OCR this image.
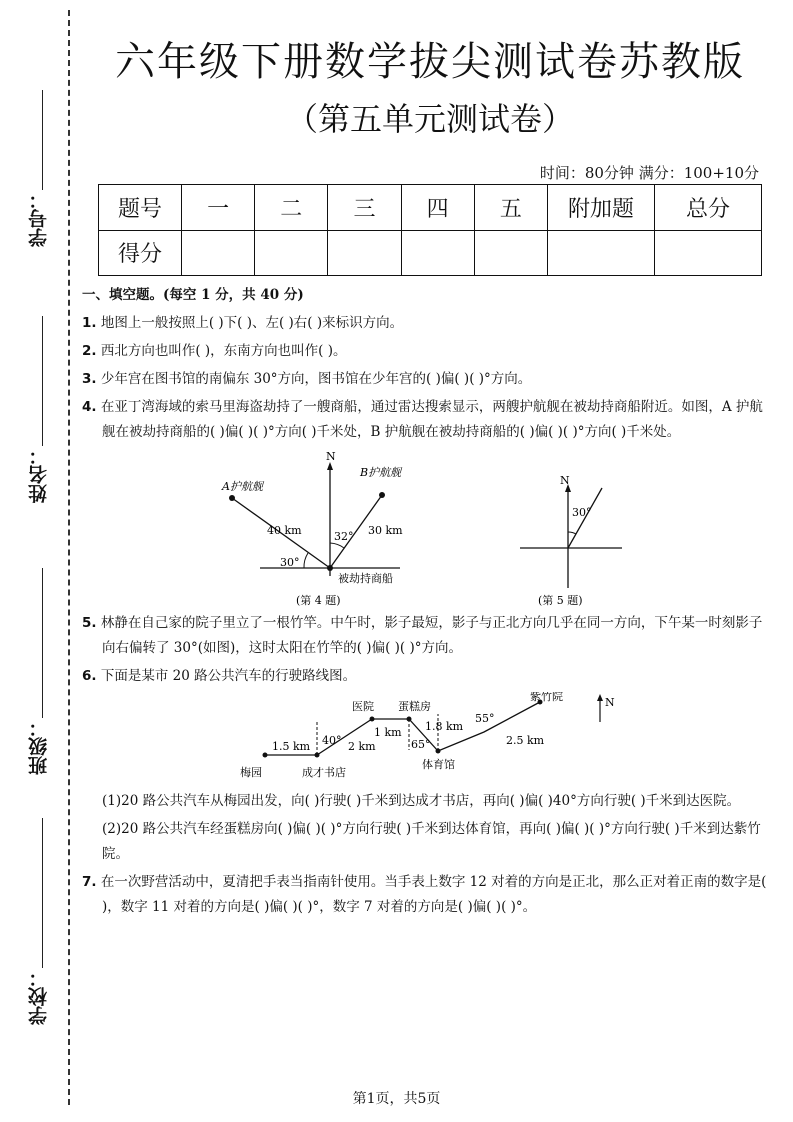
学号：
姓名：
班级：
学校：
六年级下册数学拔尖测试卷苏教版
（第五单元测试卷）
时间：80分钟 满分：100+10分
题号	一	二	三	四	五	附加题	总分
得分							
一、填空题。(每空 1 分，共 40 分)
1. 地图上一般按照上( )下( )、左( )右( )来标识方向。
2. 西北方向也叫作( )，东南方向也叫作( )。
3. 少年宫在图书馆的南偏东 30°方向，图书馆在少年宫的( )偏( )( )°方向。
4. 在亚丁湾海域的索马里海盗劫持了一艘商船，通过雷达搜索显示，两艘护航舰在被劫持商船附近。如图，A 护航舰在被劫持商船的( )偏( )( )°方向( )千米处，B 护航舰在被劫持商船的( )偏( )( )°方向( )千米处。
N
A护航舰
B护航舰
40 km	30 km
32°
30°
被劫持商船
(第 4 题)
N
30°
(第 5 题)
5. 林静在自己家的院子里立了一根竹竿。中午时，影子最短，影子与正北方向几乎在同一方向，下午某一时刻影子向右偏转了 30°(如图)，这时太阳在竹竿的( )偏( )( )°方向。
6. 下面是某市 20 路公共汽车的行驶路线图。
N
梅园	成才书店
医院 蛋糕房
体育馆
紫竹院
1.5 km	2 km
1 km 1.8 km
2.5 km
40°	65°
55°
(1)20 路公共汽车从梅园出发，向( )行驶( )千米到达成才书店，再向( )偏( )40°方向行驶( )千米到达医院。
(2)20 路公共汽车经蛋糕房向( )偏( )( )°方向行驶( )千米到达体育馆，再向( )偏( )( )°方向行驶( )千米到达紫竹院。
7. 在一次野营活动中，夏清把手表当指南针使用。当手表上数字 12 对着的方向是正北，那么正对着正南的数字是( )，数字 11 对着的方向是( )偏( )( )°，数字 7 对着的方向是( )偏( )( )°。
第1页，共5页
